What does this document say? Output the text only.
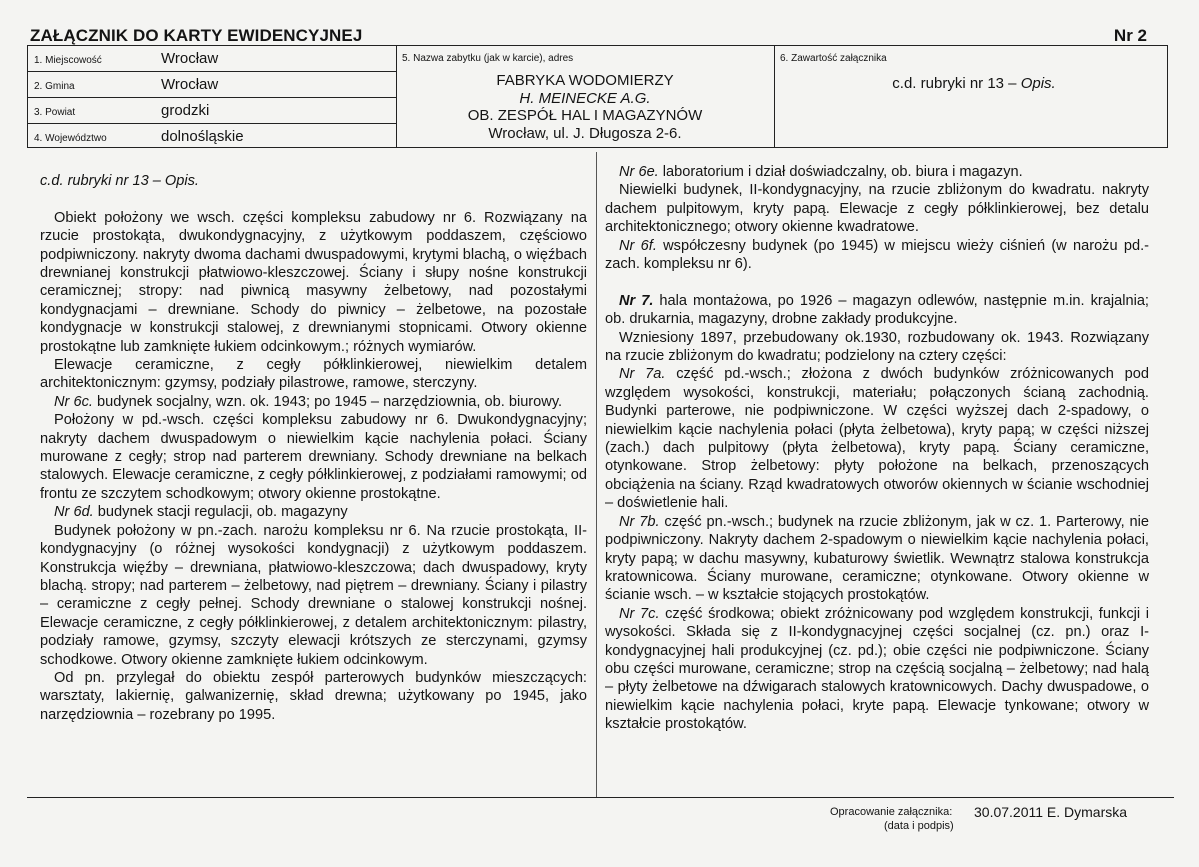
ZAŁĄCZNIK DO KARTY EWIDENCYJNEJ	Nr 2
1. Miejscowość	Wrocław
2. Gmina	Wrocław
3. Powiat	grodzki
4. Województwo	dolnośląskie
5. Nazwa zabytku (jak w karcie), adres
FABRYKA WODOMIERZY
H. MEINECKE A.G.
OB. ZESPÓŁ HAL I MAGAZYNÓW
Wrocław, ul. J. Długosza 2-6.
6. Zawartość załącznika
c.d. rubryki nr 13 – Opis.

c.d. rubryki nr 13 – Opis.

Obiekt położony we wsch. części kompleksu zabudowy nr 6. Rozwiązany na rzucie prostokąta, dwukondygnacyjny, z użytkowym poddaszem, częściowo podpiwniczony. nakryty dwoma dachami dwuspadowymi, krytymi blachą, o więźbach drewnianej konstrukcji płatwiowo-kleszczowej. Ściany i słupy nośne konstrukcji ceramicznej; stropy: nad piwnicą masywny żelbetowy, nad pozostałymi kondygnacjami – drewniane. Schody do piwnicy – żelbetowe, na pozostałe kondygnacje w konstrukcji stalowej, z drewnianymi stopnicami. Otwory okienne prostokątne lub zamknięte łukiem odcinkowym.; różnych wymiarów.

Elewacje ceramiczne, z cegły półklinkierowej, niewielkim detalem architektonicznym: gzymsy, podziały pilastrowe, ramowe, sterczyny.

Nr 6c. budynek socjalny, wzn. ok. 1943; po 1945 – narzędziownia, ob. biurowy.

Położony w pd.-wsch. części kompleksu zabudowy nr 6. Dwukondygnacyjny; nakryty dachem dwuspadowym o niewielkim kącie nachylenia połaci. Ściany murowane z cegły; strop nad parterem drewniany. Schody drewniane na belkach stalowych. Elewacje ceramiczne, z cegły półklinkierowej, z podziałami ramowymi; od frontu ze szczytem schodkowym; otwory okienne prostokątne.

Nr 6d. budynek stacji regulacji, ob. magazyny

Budynek położony w pn.-zach. narożu kompleksu nr 6. Na rzucie prostokąta, II-kondygnacyjny (o różnej wysokości kondygnacji) z użytkowym poddaszem. Konstrukcja więźby – drewniana, płatwiowo-kleszczowa; dach dwuspadowy, kryty blachą. stropy; nad parterem – żelbetowy, nad piętrem – drewniany. Ściany i pilastry – ceramiczne z cegły pełnej. Schody drewniane o stalowej konstrukcji nośnej. Elewacje ceramiczne, z cegły półklinkierowej, z detalem architektonicznym: pilastry, podziały ramowe, gzymsy, szczyty elewacji krótszych ze sterczynami, gzymsy schodkowe. Otwory okienne zamknięte łukiem odcinkowym.

Od pn. przylegał do obiektu zespół parterowych budynków mieszczących: warsztaty, lakiernię, galwanizernię, skład drewna; użytkowany po 1945, jako narzędziownia – rozebrany po 1995.

Nr 6e. laboratorium i dział doświadczalny, ob. biura i magazyn.

Niewielki budynek, II-kondygnacyjny, na rzucie zbliżonym do kwadratu. nakryty dachem pulpitowym, kryty papą. Elewacje z cegły półklinkierowej, bez detalu architektonicznego; otwory okienne kwadratowe.

Nr 6f. współczesny budynek (po 1945) w miejscu wieży ciśnień (w narożu pd.-zach. kompleksu nr 6).

Nr 7. hala montażowa, po 1926 – magazyn odlewów, następnie m.in. krajalnia; ob. drukarnia, magazyny, drobne zakłady produkcyjne.

Wzniesiony 1897, przebudowany ok.1930, rozbudowany ok. 1943. Rozwiązany na rzucie zbliżonym do kwadratu; podzielony na cztery części:

Nr 7a. część pd.-wsch.; złożona z dwóch budynków zróżnicowanych pod względem wysokości, konstrukcji, materiału; połączonych ścianą zachodnią. Budynki parterowe, nie podpiwniczone. W części wyższej dach 2-spadowy, o niewielkim kącie nachylenia połaci (płyta żelbetowa), kryty papą; w części niższej (zach.) dach pulpitowy (płyta żelbetowa), kryty papą. Ściany ceramiczne, otynkowane. Strop żelbetowy: płyty położone na belkach, przenoszących obciążenia na ściany. Rząd kwadratowych otworów okiennych w ścianie wschodniej – doświetlenie hali.

Nr 7b. część pn.-wsch.; budynek na rzucie zbliżonym, jak w cz. 1. Parterowy, nie podpiwniczony. Nakryty dachem 2-spadowym o niewielkim kącie nachylenia połaci, kryty papą; w dachu masywny, kubaturowy świetlik. Wewnątrz stalowa konstrukcja kratownicowa. Ściany murowane, ceramiczne; otynkowane. Otwory okienne w ścianie wsch. – w kształcie stojących prostokątów.

Nr 7c. część środkowa; obiekt zróżnicowany pod względem konstrukcji, funkcji i wysokości. Składa się z II-kondygnacyjnej części socjalnej (cz. pn.) oraz I-kondygnacyjnej hali produkcyjnej (cz. pd.); obie części nie podpiwniczone. Ściany obu części murowane, ceramiczne; strop na częścią socjalną – żelbetowy; nad halą – płyty żelbetowe na dźwigarach stalowych kratownicowych. Dachy dwuspadowe, o niewielkim kącie nachylenia połaci, kryte papą. Elewacje tynkowane; otwory w kształcie prostokątów.

Opracowanie załącznika: 30.07.2011 E. Dymarska
(data i podpis)
